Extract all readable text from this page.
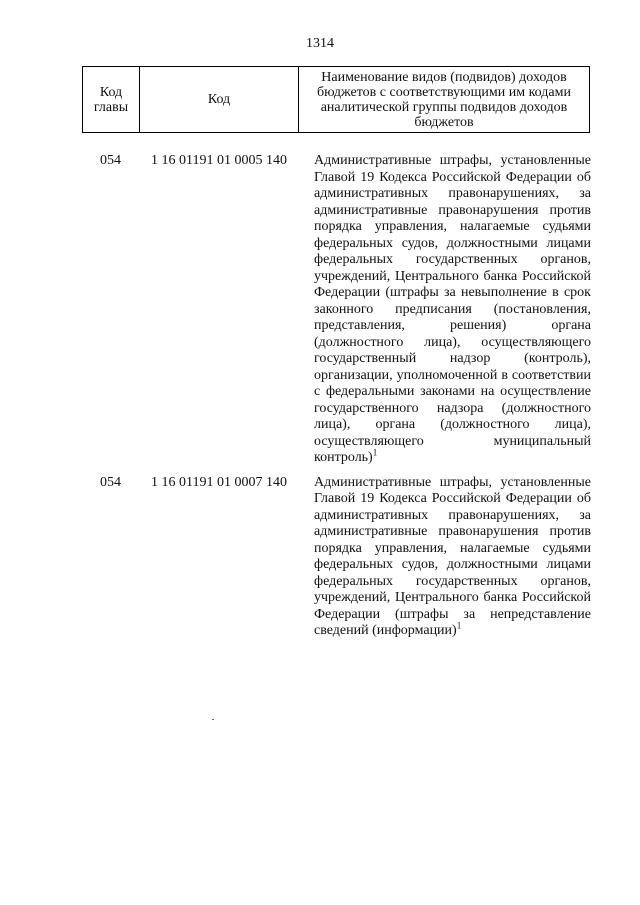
1314
Код главы	Код	Наименование видов (подвидов) доходов бюджетов с соответствующими им кодами аналитической группы подвидов доходов бюджетов
054	1 16 01191 01 0005 140	Административные штрафы, установленные Главой 19 Кодекса Российской Федерации об административных правонарушениях, за административные правонарушения против порядка управления, налагаемые судьями федеральных судов, должностными лицами федеральных государственных органов, учреждений, Центрального банка Российской Федерации (штрафы за невыполнение в срок законного предписания (постановления, представления, решения) органа (должностного лица), осуществляющего государственный надзор (контроль), организации, уполномоченной в соответствии с федеральными законами на осуществление государственного надзора (должностного лица), органа (должностного лица), осуществляющего муниципальный контроль)$^1$
054	1 16 01191 01 0007 140	Административные штрафы, установленные Главой 19 Кодекса Российской Федерации об административных правонарушениях, за административные правонарушения против порядка управления, налагаемые судьями федеральных судов, должностными лицами федеральных государственных органов, учреждений, Центрального банка Российской Федерации (штрафы за непредставление сведений (информации)$^1$
